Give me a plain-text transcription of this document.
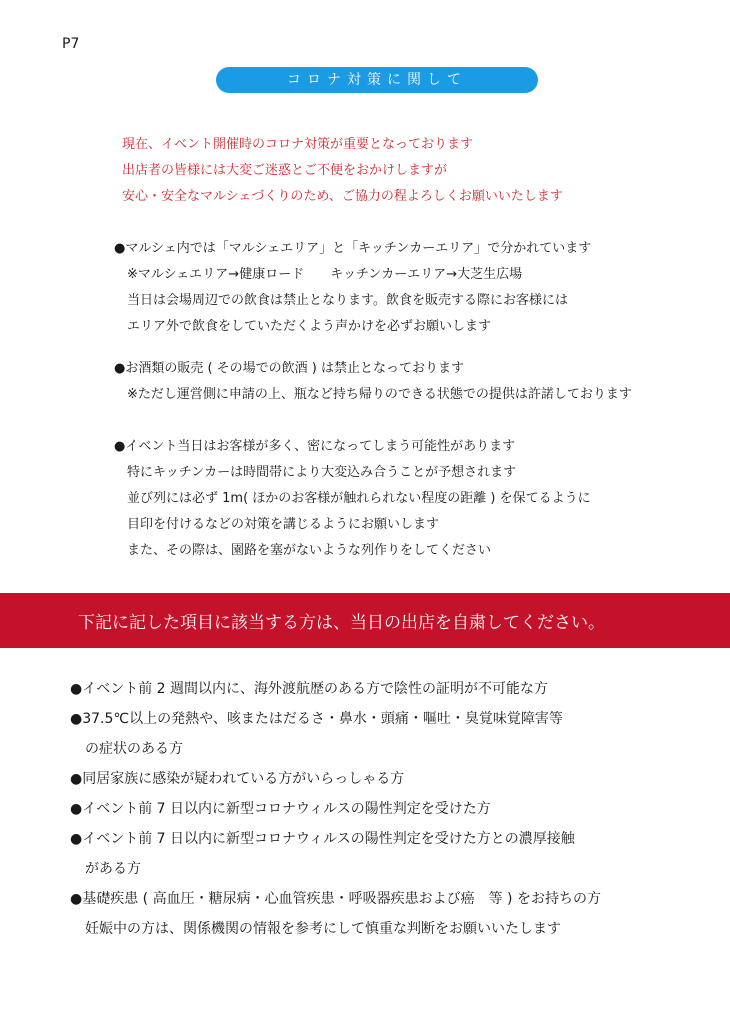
P7
コロナ対策に関して
現在、イベント開催時のコロナ対策が重要となっております
出店者の皆様には大変ご迷惑とご不便をおかけしますが
安心・安全なマルシェづくりのため、ご協力の程よろしくお願いいたします
●マルシェ内では「マルシェエリア」と「キッチンカーエリア」で分かれています
※マルシェエリア→健康ロード　　キッチンカーエリア→大芝生広場
当日は会場周辺での飲食は禁止となります。飲食を販売する際にお客様には
エリア外で飲食をしていただくよう声かけを必ずお願いします
●お酒類の販売 ( その場での飲酒 ) は禁止となっております
※ただし運営側に申請の上、瓶など持ち帰りのできる状態での提供は許諾しております
●イベント当日はお客様が多く、密になってしまう可能性があります
特にキッチンカーは時間帯により大変込み合うことが予想されます
並び列には必ず 1m( ほかのお客様が触れられない程度の距離 ) を保てるように
目印を付けるなどの対策を講じるようにお願いします
また、その際は、園路を塞がないような列作りをしてください
下記に記した項目に該当する方は、当日の出店を自粛してください。
●イベント前 2 週間以内に、海外渡航歴のある方で陰性の証明が不可能な方
●37.5℃以上の発熱や、咳またはだるさ・鼻水・頭痛・嘔吐・臭覚味覚障害等
の症状のある方
●同居家族に感染が疑われている方がいらっしゃる方
●イベント前 7 日以内に新型コロナウィルスの陽性判定を受けた方
●イベント前 7 日以内に新型コロナウィルスの陽性判定を受けた方との濃厚接触
がある方
●基礎疾患 ( 高血圧・糖尿病・心血管疾患・呼吸器疾患および癌　等 ) をお持ちの方
妊娠中の方は、関係機関の情報を参考にして慎重な判断をお願いいたします
